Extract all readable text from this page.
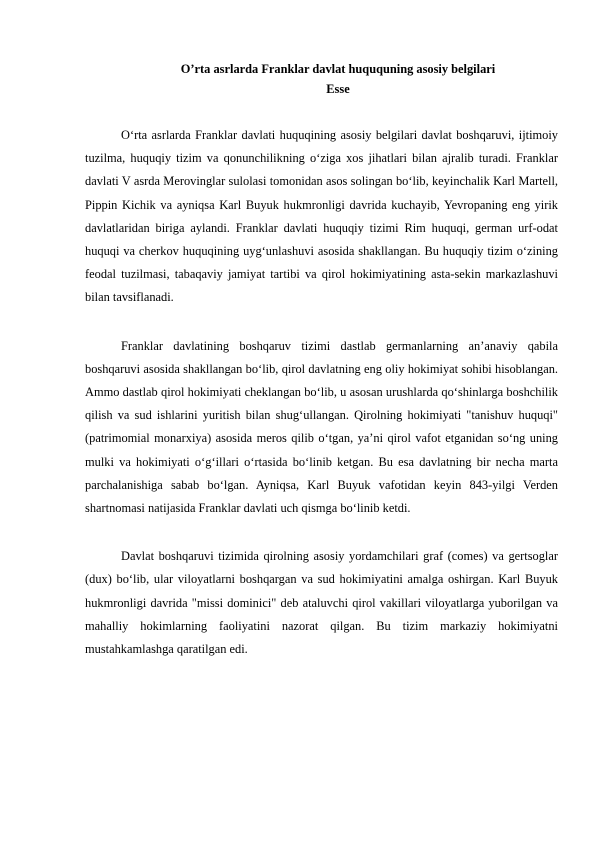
O’rta asrlarda Franklar davlat huququning asosiy belgilari
Esse

O‘rta asrlarda Franklar davlati huquqining asosiy belgilari davlat boshqaruvi, ijtimoiy tuzilma, huquqiy tizim va qonunchilikning o‘ziga xos jihatlari bilan ajralib turadi. Franklar davlati V asrda Merovinglar sulolasi tomonidan asos solingan bo‘lib, keyinchalik Karl Martell, Pippin Kichik va ayniqsa Karl Buyuk hukmronligi davrida kuchayib, Yevropaning eng yirik davlatlaridan biriga aylandi. Franklar davlati huquqiy tizimi Rim huquqi, german urf-odat huquqi va cherkov huquqining uyg‘unlashuvi asosida shakllangan. Bu huquqiy tizim o‘zining feodal tuzilmasi, tabaqaviy jamiyat tartibi va qirol hokimiyatining asta-sekin markazlashuvi bilan tavsiflanadi.

Franklar davlatining boshqaruv tizimi dastlab germanlarning an’anaviy qabila boshqaruvi asosida shakllangan bo‘lib, qirol davlatning eng oliy hokimiyat sohibi hisoblangan. Ammo dastlab qirol hokimiyati cheklangan bo‘lib, u asosan urushlarda qo‘shinlarga boshchilik qilish va sud ishlarini yuritish bilan shug‘ullangan. Qirolning hokimiyati "tanishuv huquqi" (patrimomial monarxiya) asosida meros qilib o‘tgan, ya’ni qirol vafot etganidan so‘ng uning mulki va hokimiyati o‘g‘illari o‘rtasida bo‘linib ketgan. Bu esa davlatning bir necha marta parchalanishiga sabab bo‘lgan. Ayniqsa, Karl Buyuk vafotidan keyin 843-yilgi Verden shartnomasi natijasida Franklar davlati uch qismga bo‘linib ketdi.

Davlat boshqaruvi tizimida qirolning asosiy yordamchilari graf (comes) va gertsoglar (dux) bo‘lib, ular viloyatlarni boshqargan va sud hokimiyatini amalga oshirgan. Karl Buyuk hukmronligi davrida "missi dominici" deb ataluvchi qirol vakillari viloyatlarga yuborilgan va mahalliy hokimlarning faoliyatini nazorat qilgan. Bu tizim markaziy hokimiyatni mustahkamlashga qaratilgan edi.
